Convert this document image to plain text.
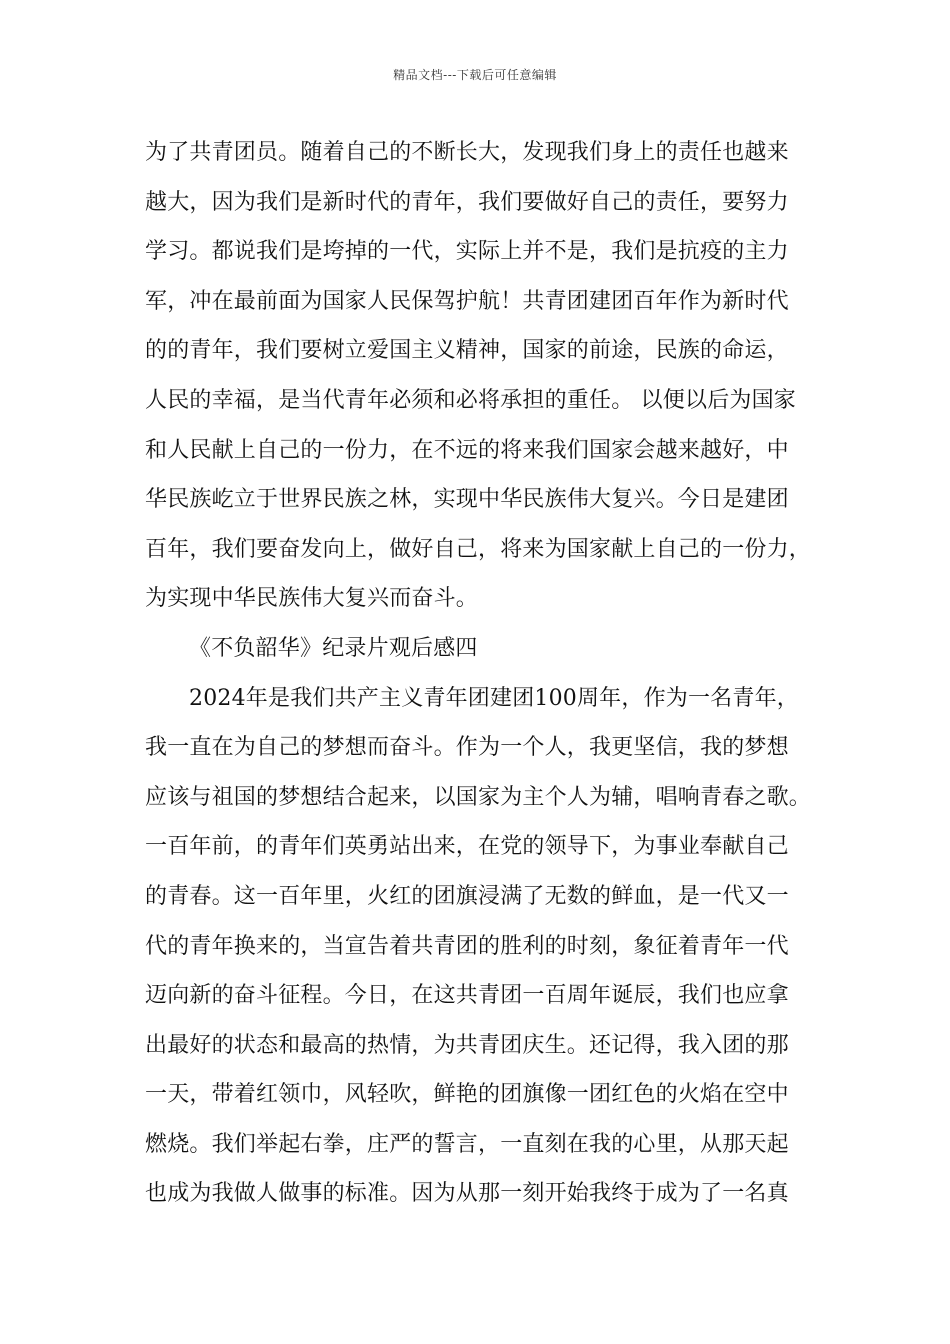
精品文档---下载后可任意编辑
为了共青团员。随着自己的不断长大，发现我们身上的责任也越来
越大，因为我们是新时代的青年，我们要做好自己的责任，要努力
学习。都说我们是垮掉的一代，实际上并不是，我们是抗疫的主力
军，冲在最前面为国家人民保驾护航！共青团建团百年作为新时代
的的青年，我们要树立爱国主义精神，国家的前途，民族的命运，
人民的幸福，是当代青年必须和必将承担的重任。 以便以后为国家
和人民献上自己的一份力，在不远的将来我们国家会越来越好，中
华民族屹立于世界民族之林，实现中华民族伟大复兴。今日是建团
百年，我们要奋发向上，做好自己，将来为国家献上自己的一份力，
为实现中华民族伟大复兴而奋斗。
《不负韶华》纪录片观后感四
2024年是我们共产主义青年团建团100周年，作为一名青年，
我一直在为自己的梦想而奋斗。作为一个人，我更坚信，我的梦想
应该与祖国的梦想结合起来，以国家为主个人为辅，唱响青春之歌。
一百年前，的青年们英勇站出来，在党的领导下，为事业奉献自己
的青春。这一百年里，火红的团旗浸满了无数的鲜血，是一代又一
代的青年换来的，当宣告着共青团的胜利的时刻，象征着青年一代
迈向新的奋斗征程。今日，在这共青团一百周年诞辰，我们也应拿
出最好的状态和最高的热情，为共青团庆生。还记得，我入团的那
一天，带着红领巾，风轻吹，鲜艳的团旗像一团红色的火焰在空中
燃烧。我们举起右拳，庄严的誓言，一直刻在我的心里，从那天起
也成为我做人做事的标准。因为从那一刻开始我终于成为了一名真
